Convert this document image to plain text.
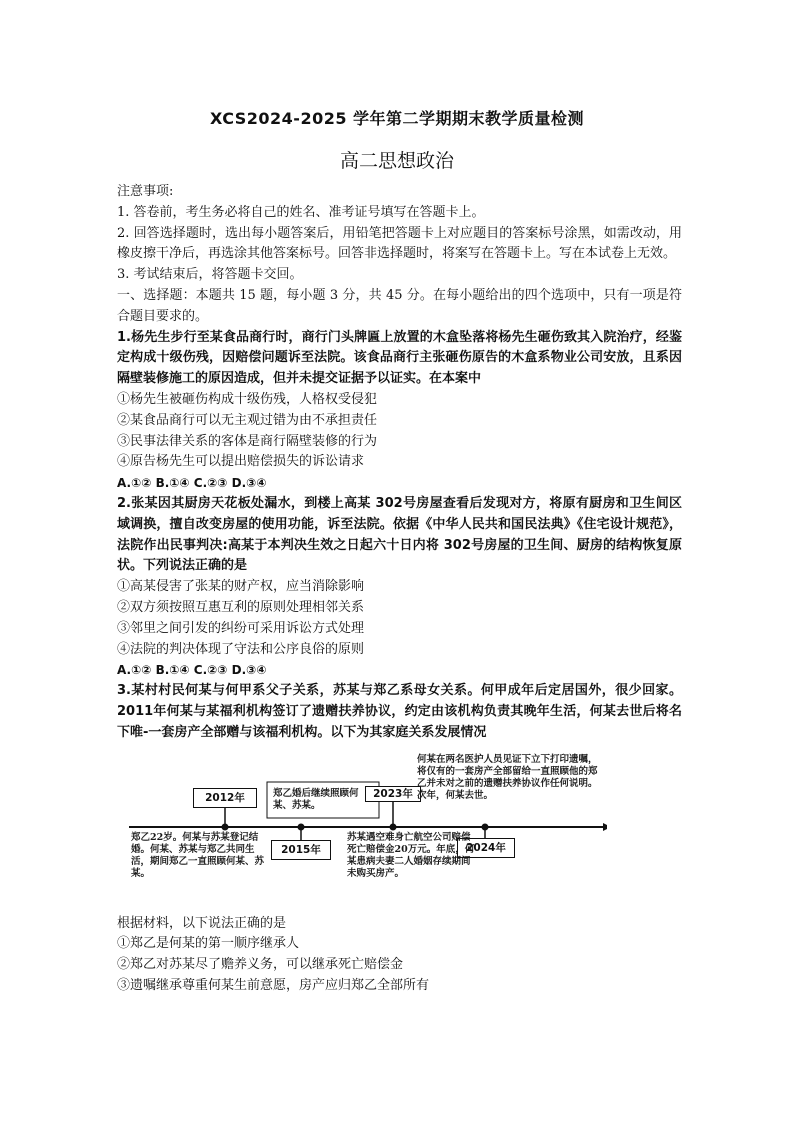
XCS2024-2025 学年第二学期期末教学质量检测
高二思想政治

注意事项:

1. 答卷前，考生务必将自己的姓名、准考证号填写在答题卡上。

2. 回答选择题时，选出每小题答案后，用铅笔把答题卡上对应题目的答案标号涂黑，如需改动，用橡皮擦干净后，再选涂其他答案标号。回答非选择题时，将案写在答题卡上。写在本试卷上无效。

3. 考试结束后，将答题卡交回。

一、选择题：本题共 15 题，每小题 3 分，共 45 分。在每小题给出的四个选项中，只有一项是符合题目要求的。

1.杨先生步行至某食品商行时，商行门头牌匾上放置的木盒坠落将杨先生砸伤致其入院治疗，经鉴定构成十级伤残，因赔偿问题诉至法院。该食品商行主张砸伤原告的木盒系物业公司安放，且系因隔壁装修施工的原因造成，但并未提交证据予以证实。在本案中

①杨先生被砸伤构成十级伤残，人格权受侵犯

②某食品商行可以无主观过错为由不承担责任

③民事法律关系的客体是商行隔壁装修的行为

④原告杨先生可以提出赔偿损失的诉讼请求

A.①② B.①④ C.②③ D.③④

2.张某因其厨房天花板处漏水，到楼上高某 302号房屋查看后发现对方，将原有厨房和卫生间区域调换，擅自改变房屋的使用功能，诉至法院。依据《中华人民共和国民法典》《住宅设计规范》，法院作出民事判决:高某于本判决生效之日起六十日内将 302号房屋的卫生间、厨房的结构恢复原状。下列说法正确的是

①高某侵害了张某的财产权，应当消除影响

②双方须按照互惠互利的原则处理相邻关系

③邻里之间引发的纠纷可采用诉讼方式处理

④法院的判决体现了守法和公序良俗的原则

A.①② B.①④ C.②③ D.③④

3.某村村民何某与何甲系父子关系，苏某与郑乙系母女关系。何甲成年后定居国外，很少回家。2011年何某与某福利机构签订了遗赠扶养协议，约定由该机构负责其晚年生活，何某去世后将名下唯-一套房产全部赠与该福利机构。以下为其家庭关系发展情况

2012年
2015年
2023年
2024年
郑乙22岁。何某与苏某登记结婚。何某、苏某与郑乙共同生活，期间郑乙一直照顾何某、苏某。
郑乙婚后继续照顾何某、苏某。
苏某遇空难身亡航空公司赔偿死亡赔偿金20万元。年底，何某患病夫妻二人婚姻存续期间未购买房产。
何某在两名医护人员见证下立下打印遗嘱，将仅有的一套房产全部留给一直照顾他的郑乙并未对之前的遗赠扶养协议作任何说明。次年，何某去世。

根据材料，以下说法正确的是

①郑乙是何某的第一顺序继承人

②郑乙对苏某尽了赡养义务，可以继承死亡赔偿金

③遗嘱继承尊重何某生前意愿，房产应归郑乙全部所有
